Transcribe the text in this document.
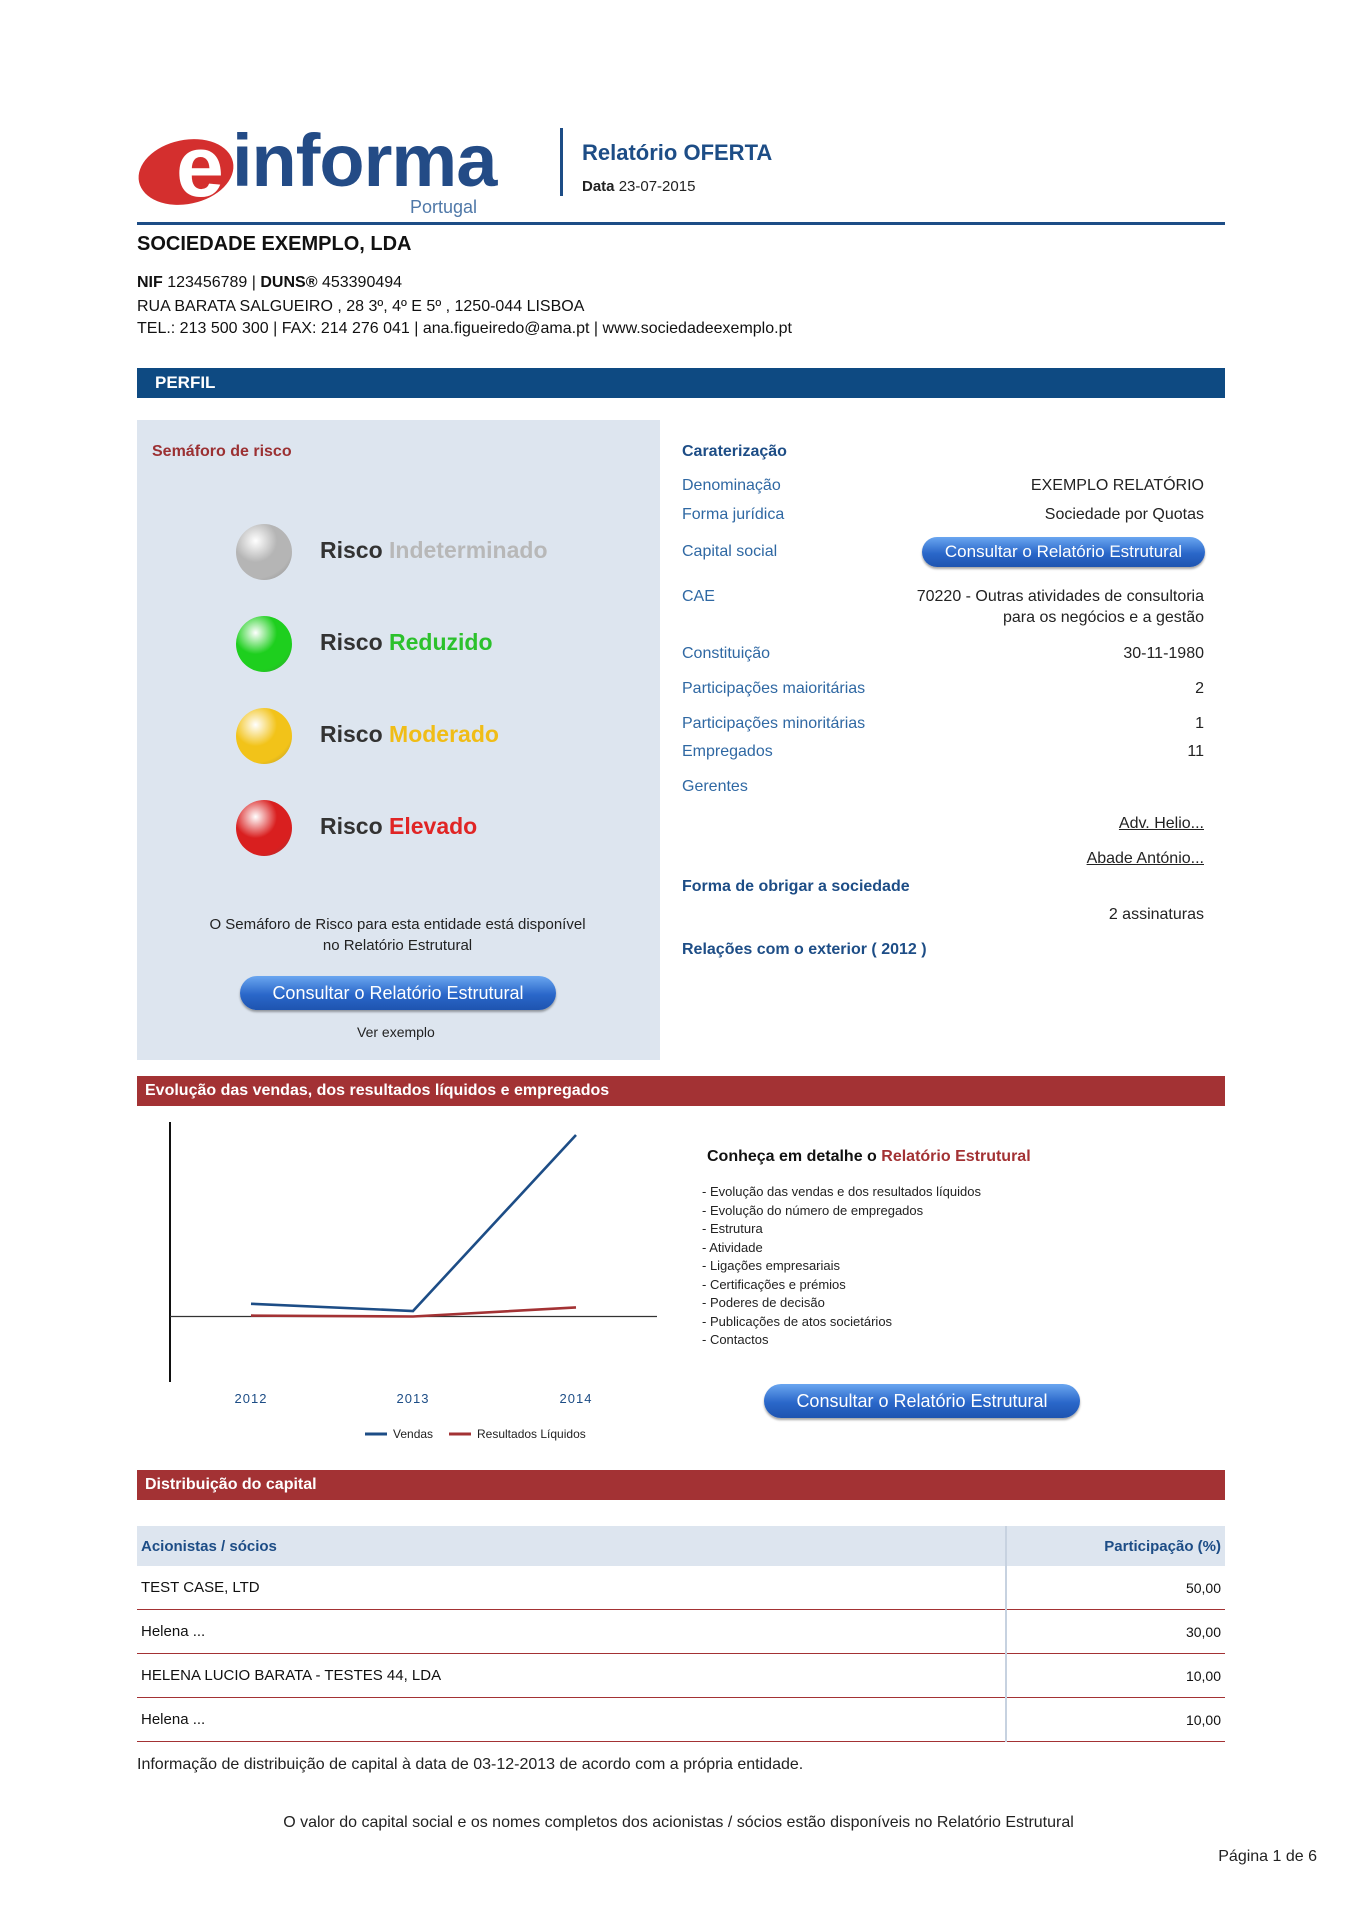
e informa
Portugal
Relatório OFERTA
Data 23-07-2015
SOCIEDADE EXEMPLO, LDA
NIF 123456789 | DUNS® 453390494
RUA BARATA SALGUEIRO , 28 3º, 4º E 5º , 1250-044 LISBOA
TEL.: 213 500 300 | FAX: 214 276 041 | ana.figueiredo@ama.pt | www.sociedadeexemplo.pt
PERFIL
Semáforo de risco
Risco Indeterminado
Risco Reduzido
Risco Moderado
Risco Elevado
O Semáforo de Risco para esta entidade está disponível no Relatório Estrutural
Consultar o Relatório Estrutural
Ver exemplo
Caraterização
Denominação	EXEMPLO RELATÓRIO
Forma jurídica	Sociedade por Quotas
Capital social	Consultar o Relatório Estrutural
CAE	70220 - Outras atividades de consultoria
para os negócios e a gestão
Constituição	30-11-1980
Participações maioritárias	2
Participações minoritárias	1
Empregados	11
Gerentes
Adv. Helio...
Abade António...
Forma de obrigar a sociedade
2 assinaturas
Relações com o exterior ( 2012 )
Evolução das vendas, dos resultados líquidos e empregados
2012	2013	2014
Vendas	Resultados Líquidos
Conheça em detalhe o Relatório Estrutural
- Evolução das vendas e dos resultados líquidos
- Evolução do número de empregados
- Estrutura
- Atividade
- Ligações empresariais
- Certificações e prémios
- Poderes de decisão
- Publicações de atos societários
- Contactos
Consultar o Relatório Estrutural
Distribuição do capital
Acionistas / sócios	Participação (%)
TEST CASE, LTD	50,00
Helena ...	30,00
HELENA LUCIO BARATA - TESTES 44, LDA	10,00
Helena ...	10,00
Informação de distribuição de capital à data de 03-12-2013 de acordo com a própria entidade.
O valor do capital social e os nomes completos dos acionistas / sócios estão disponíveis no Relatório Estrutural
Página 1 de 6
